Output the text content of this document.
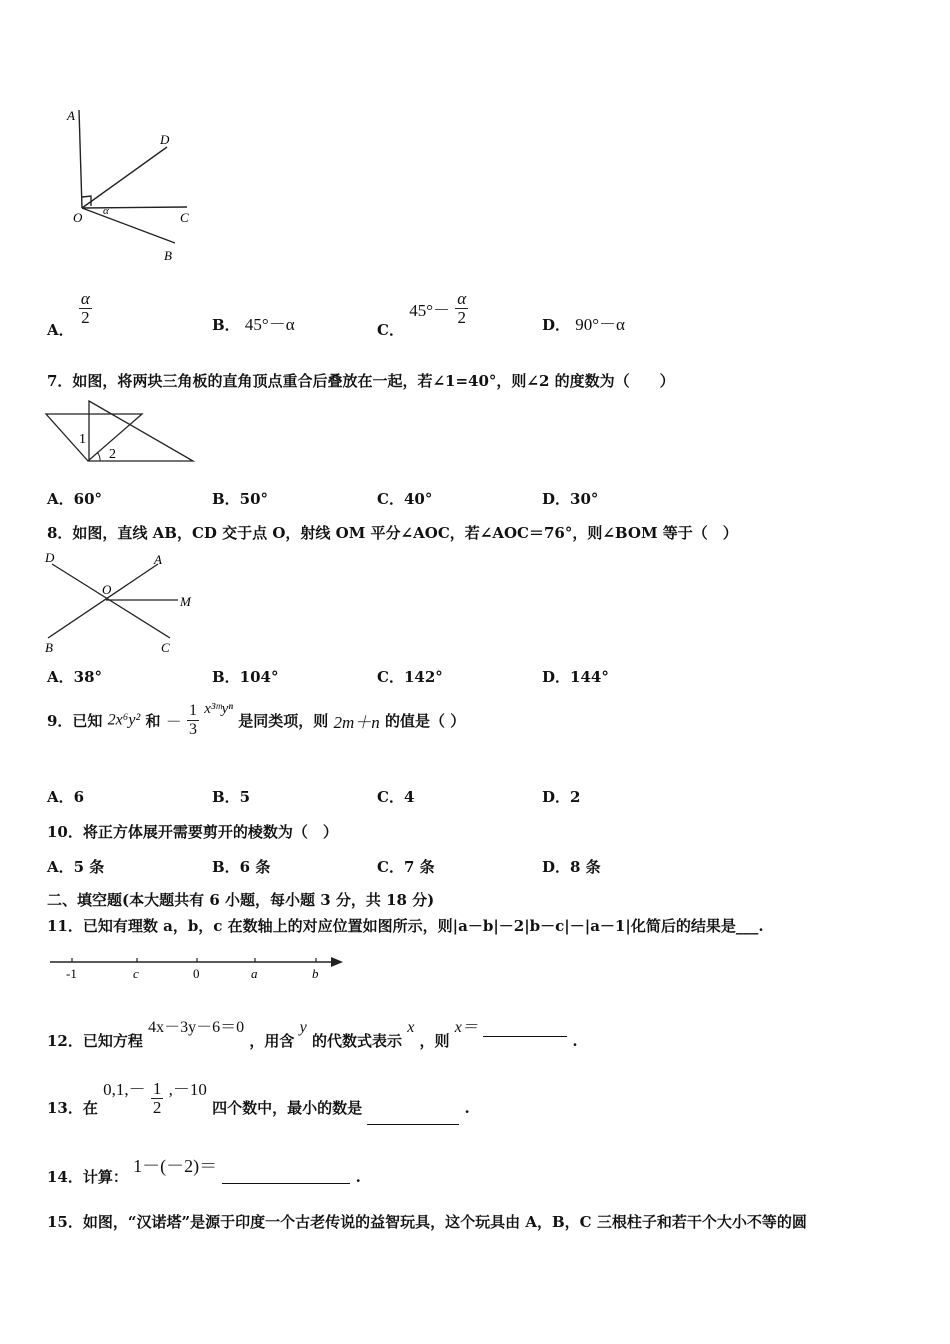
A
D
O α	C
B
A．
$\frac{\alpha}{2}$	B． 45°－α	C． $45^\circ- \frac{\alpha}{2}$	D． 90°－α
7．如图，将两块三角板的直角顶点重合后叠放在一起，若∠1=40°，则∠2 的度数为（　　）
1
2
A．60°	B．50°	C．40°	D．30°
8．如图，直线 AB，CD 交于点 O，射线 OM 平分∠AOC，若∠AOC＝76°，则∠BOM 等于（　）
D	A
O
M
B	C
A．38°	B．104°	C．142°	D．144°
9．已知 2x⁶y² 和 － $\frac{1}{3}$ x³ᵐyⁿ 是同类项，则 2m＋n 的值是（ ）
A．6	B．5	C．4	D．2
10．将正方体展开需要剪开的棱数为（　）
A．5 条	B．6 条	C．7 条	D．8 条
二、填空题(本大题共有 6 小题，每小题 3 分，共 18 分)
11．已知有理数 a，b，c 在数轴上的对应位置如图所示，则|a－b|－2|b－c|－|a－1|化简后的结果是___.
-1	c	0	a	b
12．已知方程 4x－3y－6＝0 ，用含 y 的代数式表示 x ，则 x＝  .
13．在 $0,1,- \frac{1}{2} ,-10$ 四个数中，最小的数是	.
14．计算： 1－(－2)＝  .
15．如图，“汉诺塔”是源于印度一个古老传说的益智玩具，这个玩具由 A，B，C 三根柱子和若干个大小不等的圆
